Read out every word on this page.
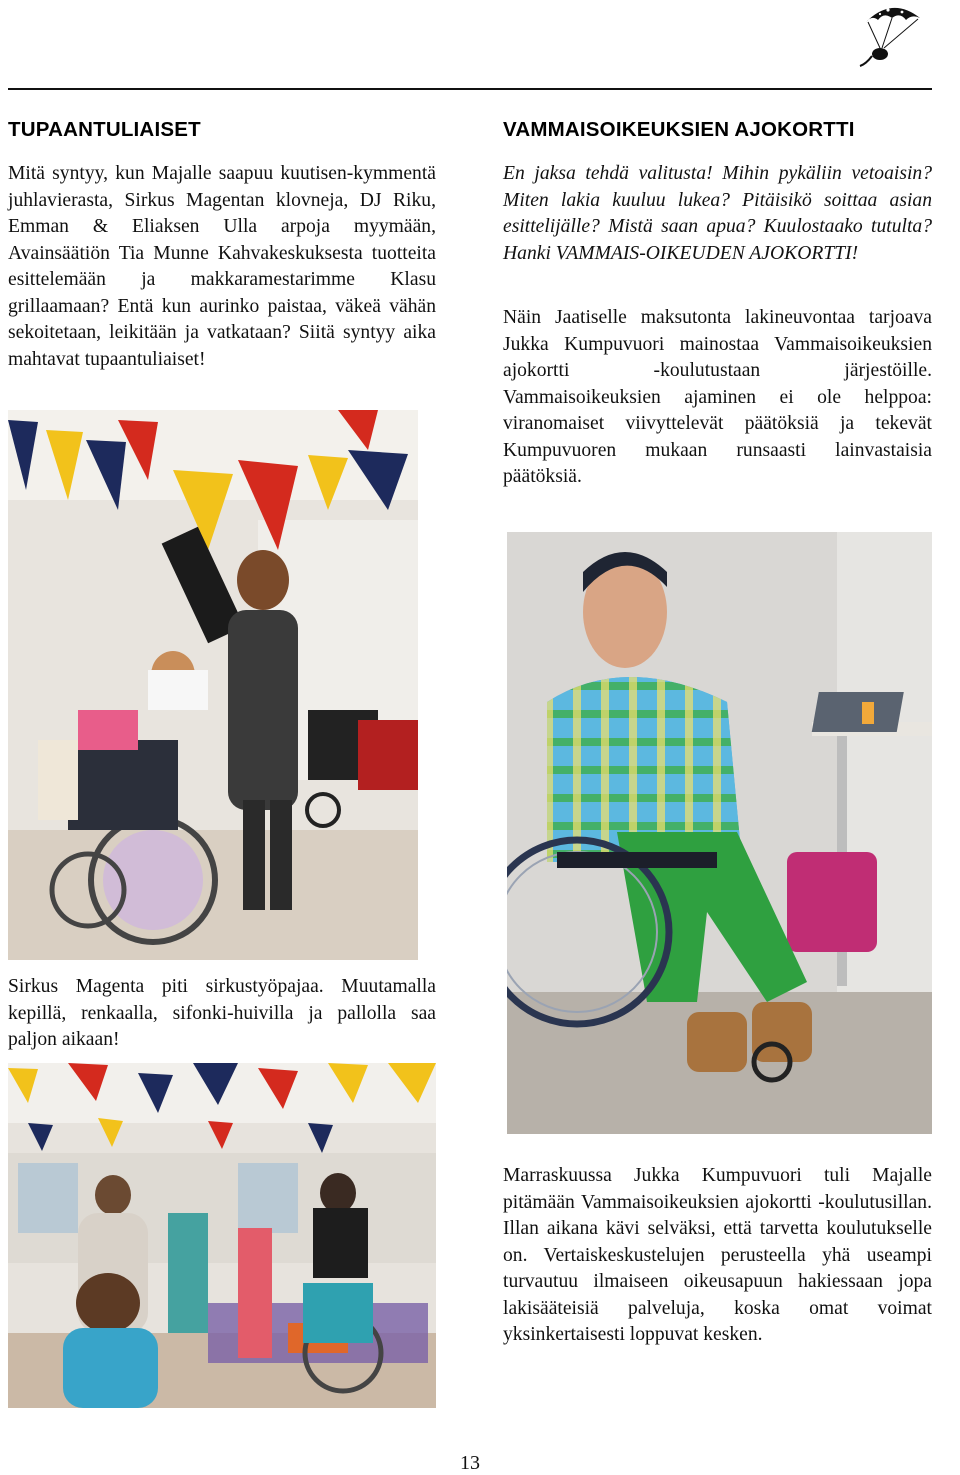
TUPAANTULIAISET
Mitä syntyy, kun Majalle saapuu kuutisen-kymmentä juhlavierasta, Sirkus Magentan klovneja, DJ Riku, Emman & Eliaksen Ulla arpoja myymään, Avainsäätiön Tia Munne Kahvakeskuksesta tuotteita esittelemään ja makkaramestarimme Klasu grillaamaan? Entä kun aurinko paistaa, väkeä vähän sekoitetaan, leikitään ja vatkataan? Siitä syntyy aika mahtavat tupaantuliaiset!
Sirkus Magenta piti sirkustyöpajaa. Muutamalla kepillä, renkaalla, sifonki-huivilla ja pallolla saa paljon aikaan!
VAMMAISOIKEUKSIEN AJOKORTTI
En jaksa tehdä valitusta! Mihin pykäliin vetoaisin? Miten lakia kuuluu lukea? Pitäisikö soittaa asian esittelijälle? Mistä saan apua? Kuulostaako tutulta? Hanki VAMMAIS-OIKEUDEN AJOKORTTI!
Näin Jaatiselle maksutonta lakineuvontaa tarjoava Jukka Kumpuvuori mainostaa Vammaisoikeuksien ajokortti -koulutustaan järjestöille. Vammaisoikeuksien ajaminen ei ole helppoa: viranomaiset viivyttelevät päätöksiä ja tekevät Kumpuvuoren mukaan runsaasti lainvastaisia päätöksiä.
Marraskuussa Jukka Kumpuvuori tuli Majalle pitämään Vammaisoikeuksien ajokortti -koulutusillan. Illan aikana kävi selväksi, että tarvetta koulutukselle on. Vertaiskeskustelujen perusteella yhä useampi turvautuu ilmaiseen oikeusapuun hakiessaan jopa lakisääteisiä palveluja, koska omat voimat yksinkertaisesti loppuvat kesken.
13
